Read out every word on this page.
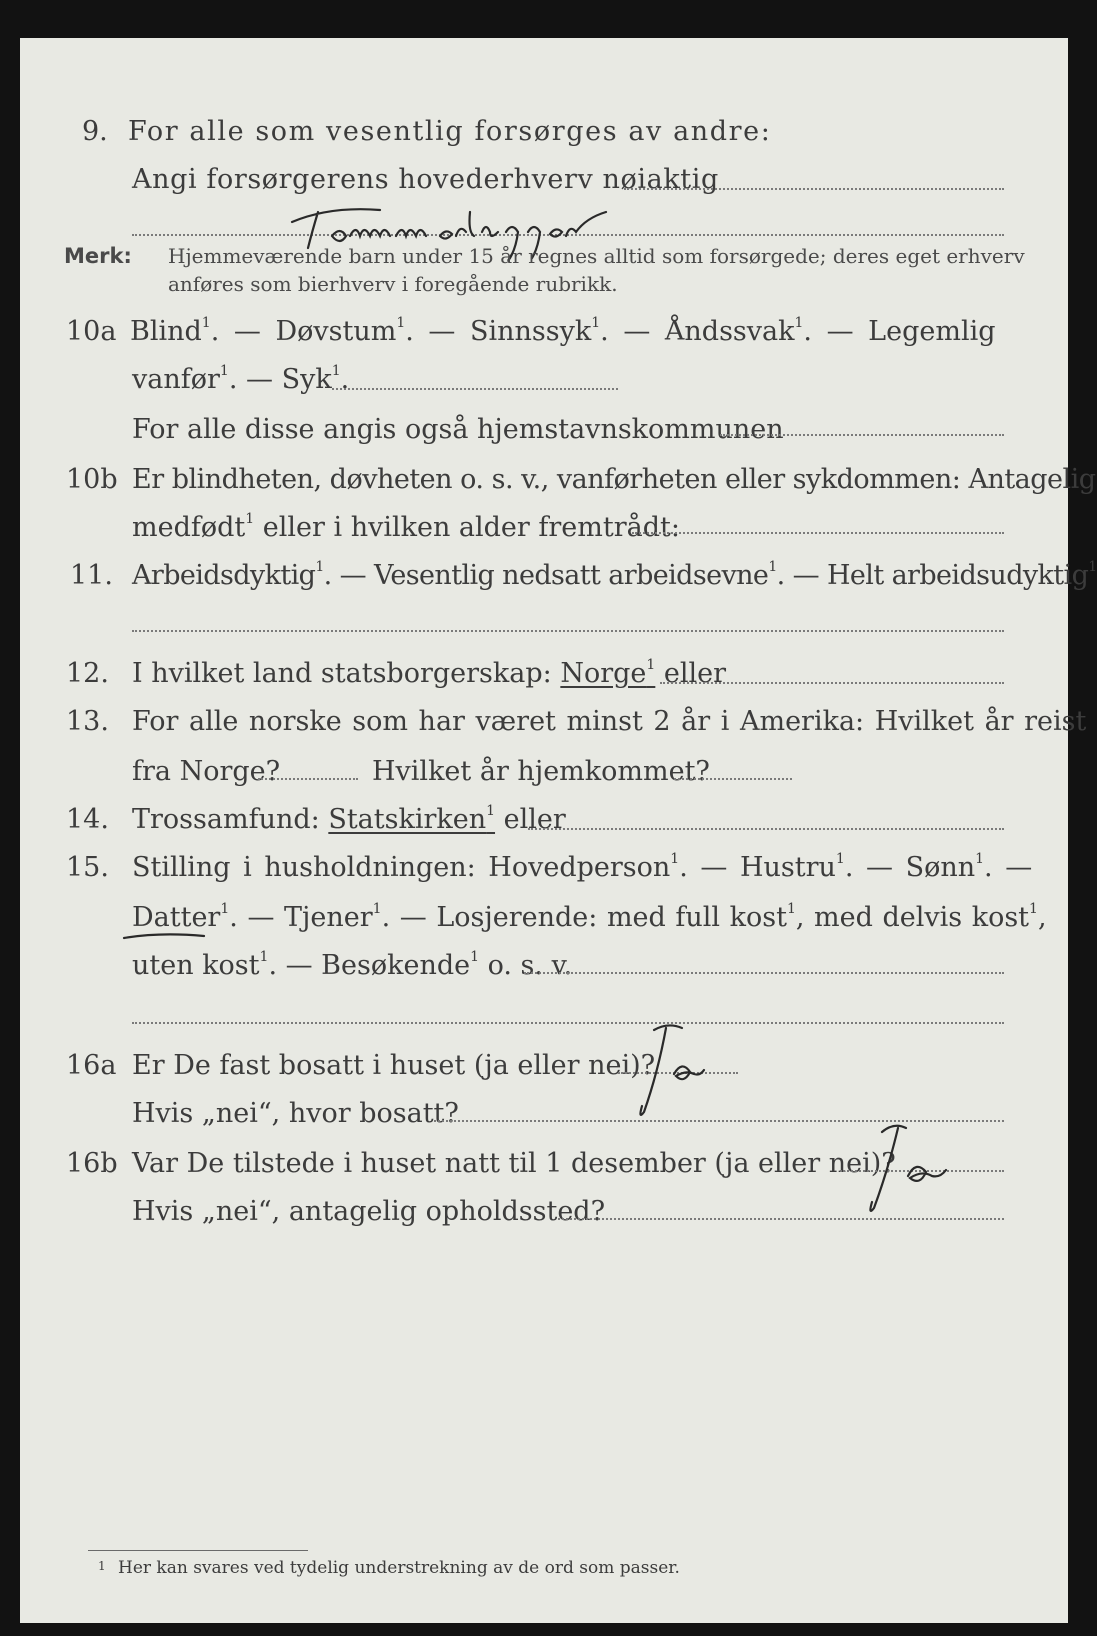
9. For alle som vesentlig forsørges av andre:
Angi forsørgerens hovederhverv nøiaktig
Merk: Hjemmeværende barn under 15 år regnes alltid som forsørgede; deres eget erhverv
anføres som bierhverv i foregående rubrikk.
10a Blind$^1$. — Døvstum$^1$. — Sinnssyk$^1$. — Åndssvak$^1$. — Legemlig
vanfør$^1$. — Syk$^1$.
For alle disse angis også hjemstavnskommunen
10b Er blindheten, døvheten o. s. v., vanførheten eller sykdommen: Antagelig
medfødt$^1$ eller i hvilken alder fremtrådt:
11. Arbeidsdyktig$^1$. — Vesentlig nedsatt arbeidsevne$^1$. — Helt arbeidsudyktig$^1$
12. I hvilket land statsborgerskap: Norge$^1$ eller
13. For alle norske som har været minst 2 år i Amerika: Hvilket år reist
fra Norge?	Hvilket år hjemkommet?
14. Trossamfund: Statskirken$^1$ eller
15. Stilling i husholdningen: Hovedperson$^1$. — Hustru$^1$. — Sønn$^1$. —
Datter$^1$. — Tjener$^1$. — Losjerende: med full kost$^1$, med delvis kost$^1$,
uten kost$^1$. — Besøkende$^1$ o. s. v.
16a Er De fast bosatt i huset (ja eller nei)?
Hvis „nei“, hvor bosatt?
16b Var De tilstede i huset natt til 1 desember (ja eller nei)?
Hvis „nei“, antagelig opholdssted?
1 Her kan svares ved tydelig understrekning av de ord som passer.
